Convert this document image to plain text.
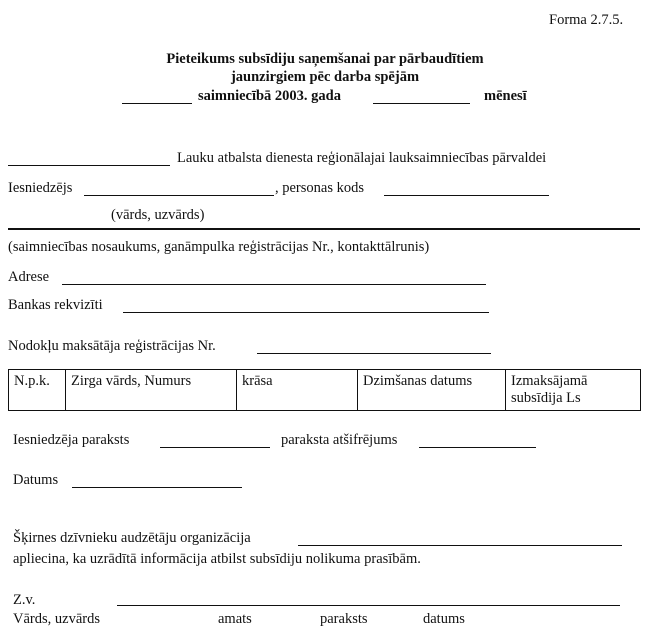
Forma 2.7.5.
Pieteikums subsīdiju saņemšanai par pārbaudītiem
jaunzirgiem pēc darba spējām
saimniecībā 2003. gada	mēnesī
Lauku atbalsta dienesta reģionālajai lauksaimniecības pārvaldei
Iesniedzējs	, personas kods
(vārds, uzvārds)
(saimniecības nosaukums, ganāmpulka reģistrācijas Nr., kontakttālrunis)
Adrese
Bankas rekvizīti
Nodokļu maksātāja reģistrācijas Nr.
N.p.k.	Zirga vārds, Numurs	krāsa	Dzimšanas datums	Izmaksājamā subsīdija Ls
Iesniedzēja paraksts	paraksta atšifrējums
Datums
Šķirnes dzīvnieku audzētāju organizācija
apliecina, ka uzrādītā informācija atbilst subsīdiju nolikuma prasībām.
Z.v.
Vārds, uzvārds	amats	paraksts	datums
